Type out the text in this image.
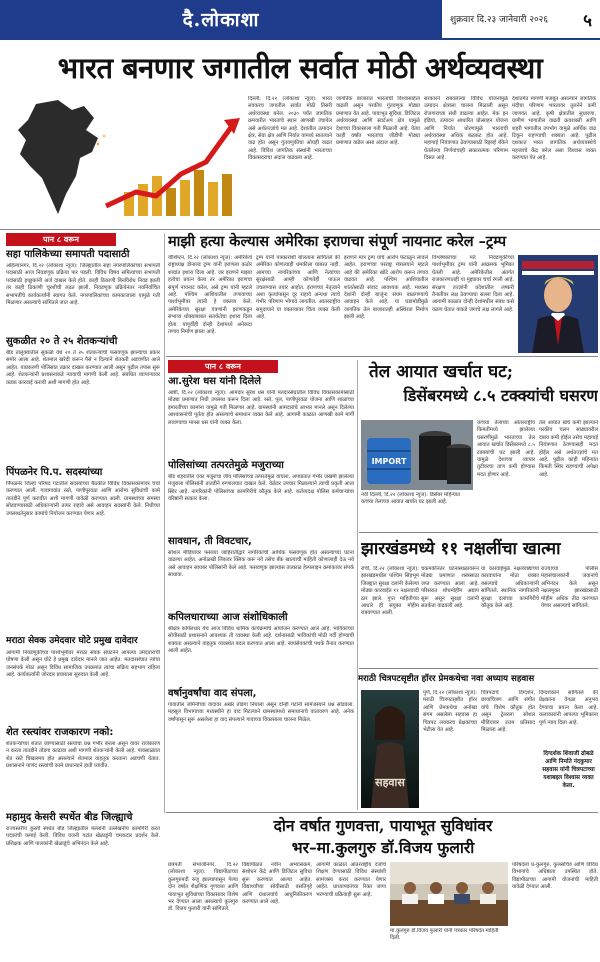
दै.लोकाशा	शुक्रवार दि.२३ जानेवारी २०२६	५
भारत बनणार जगातील सर्वात मोठी अर्थव्यवस्था
दिल्ली, दि.२२ (लोकाशा न्यूज): भारत लवकरच जगातील सर्वात मोठी तिसरी अर्थव्यवस्था बनेल. २०३० पर्यंत जागतिक क्रमवारीत भारताचे स्थान आणखी उंचावेल असे अर्थतज्ज्ञांचे मत आहे. देशातील उत्पादन क्षेत्र, सेवा क्षेत्र आणि निर्यात यामध्ये सातत्याने वाढ होत असून गुंतवणुकीचा ओघही वाढत आहे. विविध जागतिक संस्थांनी भारताच्या विकासदराचा अंदाज वाढवला आहे.
जागतिक बाजारात भारताची विश्वासार्हता वाढली असून परकीय गुंतवणूक मोठ्या प्रमाणात येत आहे. पायाभूत सुविधा, डिजिटल अर्थव्यवस्था आणि स्टार्टअप क्षेत्र यामुळे देशाच्या विकासाला गती मिळाली आहे. येत्या काही वर्षांत भारताचा जीडीपी मोठ्या प्रमाणात वाढेल असा अंदाज आहे.
सरकारने राबवलेल्या विविध योजनांमुळे उत्पादन क्षेत्राला चालना मिळाली असून रोजगाराच्या संधी वाढल्या आहेत. मेक इन इंडिया, उत्पादन आधारित प्रोत्साहन योजना आणि निर्यात धोरणामुळे भारताची अर्थव्यवस्था अधिक बळकट होत आहे. महागाई नियंत्रणात ठेवण्यासाठी रिझर्व्ह बँकेने घेतलेल्या निर्णयांचाही सकारात्मक परिणाम दिसत आहे.
देशांतर्गत मागणी मजबूत असल्याने जागतिक मंदीचा परिणाम भारतावर तुलनेने कमी जाणवत आहे. कृषी क्षेत्रातील सुधारणा, ग्रामीण भागातील वाढती क्रयशक्ती आणि शहरी भागातील उपभोग यामुळे आर्थिक वाढ टिकून राहण्याची शक्यता आहे. पुढील दशकात भारत जागतिक अर्थव्यवस्थेचे महत्त्वाचे केंद्र बनेल असा विश्वास व्यक्त करण्यात येत आहे.
पान ८ वरून
सहा पालिकेच्या समापती पदासाठी
अहिल्यानगर, दि.२२ (लोकाशा न्यूज): जिल्ह्यातील सहा नगरपालिकांच्या सभापती पदासाठी आज निवडणूक प्रक्रिया पार पडली. विविध विषय समित्यांच्या सभापती पदांसाठी इच्छुकांनी अर्ज दाखल केले होते. काही ठिकाणी बिनविरोध निवड झाली तर काही ठिकाणी चुरशीची लढत झाली. निवडणूक प्रक्रियेनंतर नवनिर्वाचित सभापतींचे कार्यकर्त्यांनी स्वागत केले. नगरपालिकांच्या कामकाजाला यामुळे गती मिळणार असल्याचे सांगितले जात आहे.
सुकळीत २० ते २५ शेतकऱ्यांची
बीड तालुक्यातील सुकळी येथे २० ते २५ शेतकऱ्यांची फसवणूक झाल्याचा प्रकार समोर आला आहे. शेतमाल खरेदी करून पैसे न दिल्याने शेतकरी अडचणीत आले आहेत. याप्रकरणी पोलिसांत तक्रार दाखल करण्यात आली असून पुढील तपास सुरू आहे. शेतकऱ्यांनी प्रशासनाकडे न्यायाची मागणी केली आहे. संबंधित व्यापाऱ्यावर कडक कारवाई करावी अशी मागणी होत आहे.
पिंपळनेर पि.प. सदस्यांच्या
पिंपळनेर जिल्हा परिषद गटातील सदस्यांच्या बैठकीत विविध विकासकामांवर चर्चा करण्यात आली. गावागावांत रस्ते, पाणीपुरवठा आणि आरोग्य सुविधांची कामे तातडीने पूर्ण करावीत अशी मागणी यावेळी करण्यात आली. ग्रामस्थांच्या समस्या सोडवण्यासाठी अधिकाऱ्यांनी तत्पर राहावे असे आवाहन सदस्यांनी केले. निधीच्या उपलब्धतेनुसार कामांचे नियोजन करण्यात येणार आहे.
मराठा सेवक उमेदवार घोटे प्रमुख दावेदार
आगामी निवडणुकीच्या पार्श्वभूमीवर मराठा सेवक संघटनेने आपल्या उमेदवाराची घोषणा केली असून घोटे हे प्रमुख दावेदार मानले जात आहेत. मतदारसंघात त्यांचा जनसंपर्क मोठा असून विविध सामाजिक उपक्रमांत त्यांचा सक्रिय सहभाग राहिला आहे. कार्यकर्त्यांनी जोरदार प्रचाराला सुरुवात केली आहे.
शेत रस्त्यांवर राजकारण नको:
शेतकऱ्यांच्या शेतात जाण्यासाठी रस्त्यांचा प्रश्न गंभीर बनला असून यावर राजकारण न करता तातडीने तोडगा काढावा अशी मागणी शेतकऱ्यांनी केली आहे. पावसाळ्यात शेत रस्ते चिखलमय होत असल्याने शेतमाल वाहतूक करताना अडचणी येतात. प्रशासनाने पाणंद रस्त्यांची कामे प्राधान्याने हाती घ्यावीत.
महामुद केसरी स्पर्धेत बीड जिल्ह्याचे
राज्यस्तरीय कुस्ती स्पर्धेत बीड जिल्ह्यातील मल्लांनी उल्लेखनीय कामगिरी करत पदकांची कमाई केली. विविध वजनी गटांत खेळाडूंनी चमकदार प्रदर्शन केले. प्रशिक्षक आणि पालकांनी खेळाडूंचे अभिनंदन केले आहे.
माझी हत्या केल्यास अमेरिका इराणचा संपूर्ण नायनाट करेल –ट्रम्प
वॉशिंग्टन, दि.२२ (लोकाशा न्यूज): अमेरिकेचे राष्ट्राध्यक्ष डोनाल्ड ट्रम्प यांनी इराणला कठोर शब्दांत इशारा दिला आहे. जर इराणने माझ्या हत्येचा प्रयत्न केला तर अमेरिका इराणचा संपूर्ण नायनाट करेल, असे ट्रम्प यांनी म्हटले आहे. पश्चिम आशियातील तणावाच्या पार्श्वभूमीवर त्यांनी हे वक्तव्य केले. अमेरिकेच्या सुरक्षा यंत्रणांनी इराणकडून संभाव्य धोक्याबाबत सतर्कतेचा इशारा दिला होता. यापूर्वीही दोन्ही देशांमध्ये अनेकदा तणाव निर्माण झाला आहे.
ट्रम्प यांनी पत्रकारांशी बोलताना सांगितले की अमेरिका कोणत्याही धमकीला घाबरत नाही. आमच्या नागरिकांच्या आणि नेत्यांच्या सुरक्षेसाठी आम्ही कोणतेही पाऊल उचलण्यास तयार आहोत. इराणच्या नेतृत्वाने अशा कृत्यांपासून दूर राहावे अन्यथा त्याचे गंभीर परिणाम भोगावे लागतील. आंतरराष्ट्रीय समुदायाने या वक्तव्यावर चिंता व्यक्त केली आहे.
इराणने मात्र ट्रम्प यांचे आरोप फेटाळून लावले आहेत. इराणच्या परराष्ट्र मंत्रालयाने म्हटले आहे की अमेरिका खोटे आरोप करून तणाव वाढवत आहे. पश्चिम आशियातील शांततेसाठी संवाद आवश्यक आहे. मध्यस्थ देशांनी दोन्ही बाजूंना संयम बाळगण्याचे आवाहन केले आहे. या घडामोडींमुळे जागतिक तेल बाजारातही अस्थिरता निर्माण झाली आहे.
विश्लेषकांच्या मते निवडणुकीच्या पार्श्वभूमीवर ट्रम्प यांनी आक्रमक भूमिका घेतली आहे. अमेरिकेतील अंतर्गत राजकारणातही या मुद्द्यावर चर्चा रंगली आहे. संरक्षण तज्ज्ञांनी प्रदेशातील लष्करी तैनातीवर लक्ष ठेवण्याचा सल्ला दिला आहे. आगामी काळात दोन्ही देशांमधील संबंध कसे वळण घेतात याकडे जगाचे लक्ष लागले आहे.
पान ८ वरून
आ.सुरेश धस यांनी दिलेले
आष्टी, दि.२२ (लोकाशा न्यूज): आमदार सुरेश धस यांनी मतदारसंघातील विविध विकासकामांसाठी मोठ्या प्रमाणात निधी उपलब्ध करून दिला आहे. रस्ते, पूल, पाणीपुरवठा योजना आणि शाळांच्या इमारतींच्या कामांना यामुळे गती मिळणार आहे. ग्रामस्थांनी आमदारांचे आभार मानले असून दिलेल्या आश्वासनांची पूर्तता होत असल्याचे समाधान व्यक्त केले आहे. आगामी काळात आणखी कामे मार्गी लावण्याचा मानस धस यांनी व्यक्त केला.
पोलिसांच्या तत्परतेमुळे मजुराच्या
बीड शहरातील एका मजुराचा जीव पोलिसांच्या तत्परतेमुळे वाचला. अपघातात गंभीर जखमी झालेल्या मजुराला पोलिसांनी तातडीने रुग्णालयात दाखल केले. वेळेवर उपचार मिळाल्याने त्याची प्रकृती आता स्थिर आहे. नागरिकांनी पोलिसांच्या कामगिरीचे कौतुक केले आहे. कर्तव्यदक्ष पोलिस कर्मचाऱ्यांचा वरिष्ठांनी सत्कार केला.
सावधान, ती विवटचार,
सोशल मीडियावर फसव्या जाहिरातींद्वारे नागरिकांची आर्थिक फसवणूक होत असल्याच्या घटना वाढल्या आहेत. अनोळखी लिंकवर क्लिक करू नये तसेच बँक खात्याची माहिती कोणालाही देऊ नये असे आवाहन सायबर पोलिसांनी केले आहे. फसवणूक झाल्यास तात्काळ हेल्पलाइन क्रमांकावर संपर्क साधावा.
कपिलधाराच्या आज संशोधिकाली
श्रीक्षेत्र कपिलधार येथे आज विविध धार्मिक कार्यक्रमांचे आयोजन करण्यात आले आहे. भाविकांच्या सोयीसाठी प्रशासनाने आवश्यक ती व्यवस्था केली आहे. दर्शनासाठी भाविकांची मोठी गर्दी होण्याची शक्यता असल्याने वाहतूक व्यवस्थेत बदल करण्यात आला आहे. स्वयंसेवकांची पथके तैनात करण्यात आली आहेत.
वर्षानुवर्षांचा वाद संपला,
गावातील जमिनीच्या वादावर अखेर तोडगा निघाला असून दोन्ही गटांनी सामंजस्याने प्रश्न सोडवला. महसूल विभागाच्या मध्यस्थीने हा वाद मिटल्याने ग्रामस्थांमध्ये समाधानाचे वातावरण आहे. अनेक वर्षांपासून सुरू असलेला हा वाद संपल्याने गावाच्या विकासाला चालना मिळेल.
तेल आयात खर्चात घट;
डिसेंबरमध्ये ८.५ टक्क्यांची घसरण
IMPORT
नवी दिल्ली, दि.२२ (लोकाशा न्यूज): डिसेंबर महिन्यात कच्च्या तेलाच्या आयात खर्चात घट झाली आहे.
कच्च्या तेलाच्या आंतरराष्ट्रीय किमतींमध्ये झालेल्या घसरणीमुळे भारताच्या तेल आयात खर्चात डिसेंबरमध्ये ८.५ टक्क्यांची घट झाली आहे. यामुळे देशाच्या व्यापार तुटीवरचा ताण कमी होण्यास मदत होणार आहे.
तेल आयात खर्च कमी झाल्याने परकीय चलन साठ्यावरील दबाव कमी होईल तसेच महागाई नियंत्रणात ठेवण्यासही मदत होईल असे अर्थतज्ज्ञांचे मत आहे. पुढील काही महिन्यांत किमती स्थिर राहण्याची अपेक्षा आहे.
झारखंडमध्ये ११ नक्षलींचा खात्मा
रांची, दि.२२ (लोकाशा न्यूज): झारखंडमधील पश्चिम सिंहभूम जिल्ह्यात सुरक्षा दलांनी केलेल्या मोठ्या कारवाईत ११ नक्षलवादी ठार झाले. गुप्त माहितीच्या आधारे ही संयुक्त मोहीम राबवण्यात आली.
चकमकीनंतर घटनास्थळावरून मोठ्या प्रमाणात शस्त्रसाठा जप्त करण्यात आला आहे. परिसरात शोधमोहीम अद्याप सुरू असून सुरक्षा दलांनी सतर्कता वाढवली आहे.
या कारवाईमुळे नक्षलवाद्यांच्या कारवायांना मोठा धक्का बसल्याचे अधिकाऱ्यांनी सांगितले. स्थानिक नागरिकांनी सुरक्षा दलांच्या कामगिरीचे कौतुक केले आहे.
राज्याच्या पोलीस महासंचालकांनी जवानांचे अभिनंदन केले असून नक्षलमुक्त झारखंडसाठी मोहीम अधिक तीव्र करण्यात येणार असल्याचे सांगितले.
मराठी चित्रपटसृष्टीत हॉरर प्रेमकथेचा नवा अध्याय सहवास
सहवास
पुणे, दि.२२ (लोकाशा न्यूज): मराठी चित्रपटसृष्टीत हॉरर आणि प्रेमकथेचा अनोखा संगम असलेला सहवास हा चित्रपट लवकरच प्रेक्षकांच्या भेटीला येत आहे.
चित्रपटाचे दिग्दर्शन, छायाचित्रण आणि संगीत यांचे विशेष कौतुक होत असून ट्रेलरला सोशल मीडियावर उत्तम प्रतिसाद मिळाला आहे.
दिग्दर्शकाने सांगितले की प्रेक्षकांना वेगळा अनुभव देण्याचा प्रयत्न केला आहे. कलाकारांनी आपल्या भूमिकांना पूर्ण न्याय दिला आहे.
दिग्दर्शक शिवाजी ढोबळे आणि निर्माते नंदकुमार सहवास यांनी चित्रपटाच्या यशाबद्दल विश्वास व्यक्त केला.
दोन वर्षात गुणवत्ता, पायाभूत सुविधांवर
भर–मा.कुलगुरु डॉ.विजय फुलारी
छत्रपती संभाजीनगर, दि.२२ (लोकाशा न्यूज): विद्यापीठाच्या कुलगुरुपदी रुजू झाल्यापासून गेल्या दोन वर्षात शैक्षणिक गुणवत्ता आणि पायाभूत सुविधांच्या विकासावर विशेष भर देण्यात आला असल्याचे कुलगुरु डॉ. विजय फुलारी यांनी सांगितले.
विद्यापीठात नवीन अभ्यासक्रम, संशोधन केंद्रे आणि डिजिटल सुविधा सुरू करण्यात आल्या आहेत. विद्यार्थ्यांच्या सोयीसाठी वसतिगृहे आणि ग्रंथालयांचे आधुनिकीकरण करण्यात आले आहे.
आगामी काळात आंतरराष्ट्रीय दर्जाचे शिक्षण देण्यासाठी विविध संस्थांशी सामंजस्य करार करण्यात येणार आहेत. प्राध्यापकांच्या रिक्त जागा भरण्याची प्रक्रियाही सुरू आहे.
मा.कुलगुरु डॉ.विजय फुलारी यांनी पत्रकार परिषदेत माहिती दिली.
परिषदेला प्र-कुलगुरु, कुलसचिव आणि विविध विभागांचे अधिष्ठाता उपस्थित होते. विद्यापीठाच्या आगामी योजनांची माहिती यावेळी देण्यात आली.
